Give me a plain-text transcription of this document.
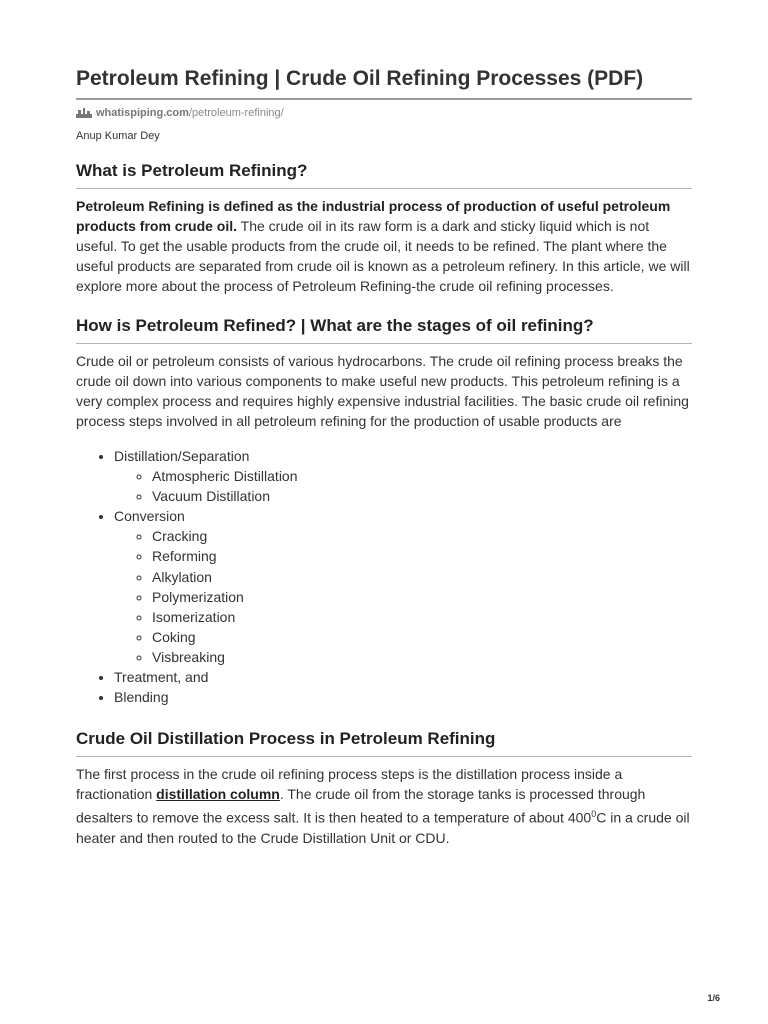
Petroleum Refining | Crude Oil Refining Processes (PDF)
whatispiping.com/petroleum-refining/
Anup Kumar Dey
What is Petroleum Refining?

Petroleum Refining is defined as the industrial process of production of useful petroleum products from crude oil. The crude oil in its raw form is a dark and sticky liquid which is not useful. To get the usable products from the crude oil, it needs to be refined. The plant where the useful products are separated from crude oil is known as a petroleum refinery. In this article, we will explore more about the process of Petroleum Refining-the crude oil refining processes.

How is Petroleum Refined? | What are the stages of oil refining?

Crude oil or petroleum consists of various hydrocarbons. The crude oil refining process breaks the crude oil down into various components to make useful new products. This petroleum refining is a very complex process and requires highly expensive industrial facilities. The basic crude oil refining process steps involved in all petroleum refining for the production of usable products are

• Distillation/Separation
◦ Atmospheric Distillation
◦ Vacuum Distillation
• Conversion
◦ Cracking
◦ Reforming
◦ Alkylation
◦ Polymerization
◦ Isomerization
◦ Coking
◦ Visbreaking
• Treatment, and
• Blending
Crude Oil Distillation Process in Petroleum Refining

The first process in the crude oil refining process steps is the distillation process inside a fractionation distillation column. The crude oil from the storage tanks is processed through desalters to remove the excess salt. It is then heated to a temperature of about $400^0C$ in a crude oil heater and then routed to the Crude Distillation Unit or CDU.

1/6
